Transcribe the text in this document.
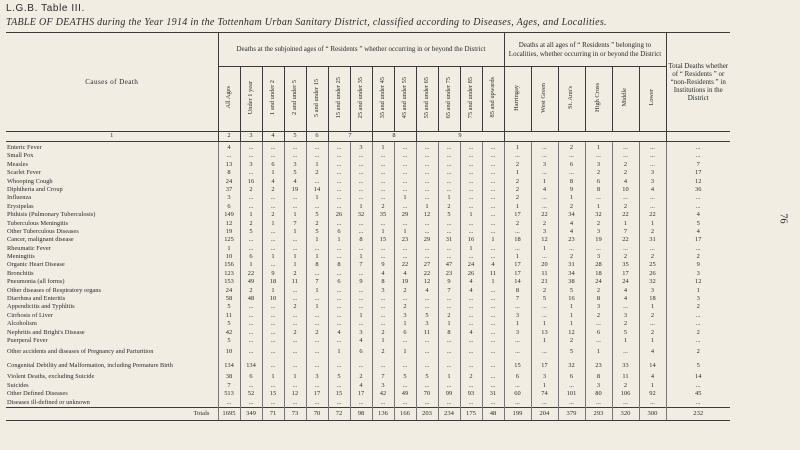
L.G.B. Table III.
TABLE OF DEATHS during the Year 1914 in the Tottenham Urban Sanitary District, classified according to Diseases, Ages, and Localities.
76
Causes of Death	Deaths at the subjoined ages of “ Residents ” whether occurring in or beyond the District													Deaths at all ages of “ Residents ” belonging to Localities, whether occurring in or beyond the District						Total Deaths whether of “ Residents ” or “non-Residents ” in Institutions in the District
	All Ages	Under 1 year	1 and under 2	2 and under 5	5 and under 15	15 and under 25	25 and under 35	35 and under 45	45 and under 55	55 and under 65	65 and under 75	75 and under 85	85 and upwards	Harringay	West Green	St. Ann's	High Cross	Middle	Lower	
1	2	3	4	5	6	7		8		9										
Enteric Fever	4	...	...	...	...	...	3	1	...	...	...	...	...	1	...	2	1	...	...	...
Small Pox	...	...	...	...	...	...	...	...	...	...	...	...	...	...	...	...	...	...	...	...
Measles	13	3	6	3	1	...	...	...	...	...	...	...	...	2	3	6	3	2	...	7
Scarlet Fever	8	...	1	5	2	...	...	...	...	...	...	...	...	1	...	...	2	2	3	17
Whooping Cough	24	16	4	4	...	...	...	...	...	...	...	...	...	2	1	8	6	4	3	12
Diphtheria and Croup	37	2	2	19	14	...	...	...	...	...	...	...	...	2	4	9	8	10	4	36
Influenza	3	...	...	...	1	...	...	...	1	...	1	...	...	2	...	1	...	...	...	...
Erysipelas	6	...	...	...	...	...	1	2	...	1	2	...	...	1	...	2	1	2	...	...
Phthisis (Pulmonary Tuberculosis)	149	1	2	1	5	26	32	35	29	12	5	1	...	17	22	34	32	22	22	4
Tuberculous Meningitis	12	2	1	7	2	...	...	...	...	...	...	...	...	2	2	4	2	1	1	5
Other Tuberculous Diseases	19	5	...	1	5	6	...	1	1	...	...	...	...	...	3	4	3	7	2	4
Cancer, malignant disease	125	...	...	...	1	1	8	15	23	29	31	16	1	18	12	23	19	22	31	17
Rheumatic Fever	1	...	...	...	...	...	...	...	...	...	...	1	...	...	1	...	...	...	...	...
Meningitis	10	6	1	1	1	...	1	...	...	...	...	...	...	1	...	2	3	2	2	2
Organic Heart Disease	156	1	...	1	8	8	7	9	22	27	47	24	4	17	20	31	28	35	25	9
Bronchitis	123	22	9	2	...	...	...	4	4	22	23	26	11	17	11	34	18	17	26	3
Pneumonia (all forms)	153	49	18	11	7	6	9	8	19	12	9	4	1	14	21	38	24	24	32	12
Other diseases of Respiratory organs	24	2	1	...	1	...	...	3	2	4	7	4	...	8	2	5	2	4	3	1
Diarrhœa and Enteritis	58	48	10	...	...	...	...	...	...	...	...	...	...	7	5	16	8	4	18	3
Appendicitis and Typhlitis	5	...	...	2	1	...	...	...	2	...	...	...	...	...	...	1	3	...	1	2
Cirrhosis of Liver	11	...	...	...	...	...	1	...	3	5	2	...	...	3	...	1	2	3	2	...
Alcoholism	5	...	...	...	...	...	...	...	1	3	1	...	...	1	1	1	...	2	...	...
Nephritis and Bright's Disease	42	...	...	2	2	4	3	2	6	11	8	4	...	3	13	12	6	5	2	2
Puerperal Fever	5	...	...	...	...	...	4	1	...	...	...	...	...	...	1	2	...	1	1	...
Other accidents and diseases of Pregnancy and Parturition	10	...	...	...	...	1	6	2	1	...	...	...	...	...	...	5	1	...	4	2
Congenital Debility and Malformation, including Premature Birth	134	134	...	...	...	...	...	...	...	...	...	...	...	15	17	32	23	33	14	5
Violent Deaths, excluding Suicide	38	6	1	1	3	5	2	7	5	5	1	2	...	6	3	6	8	11	4	14
Suicides	7	...	...	...	...	...	4	3	...	...	...	...	...	...	1	...	3	2	1	...
Other Defined Diseases	513	52	15	12	17	15	17	42	49	70	99	93	31	60	74	101	80	106	92	45
Diseases ill-defined or unknown	...	...	...	...	...	...	...	...	...	...	...	...	...	...	...	...	...	...	...	...
Totals	1695	349	71	73	70	72	98	136	166	203	234	175	48	199	204	379	293	320	300	232
